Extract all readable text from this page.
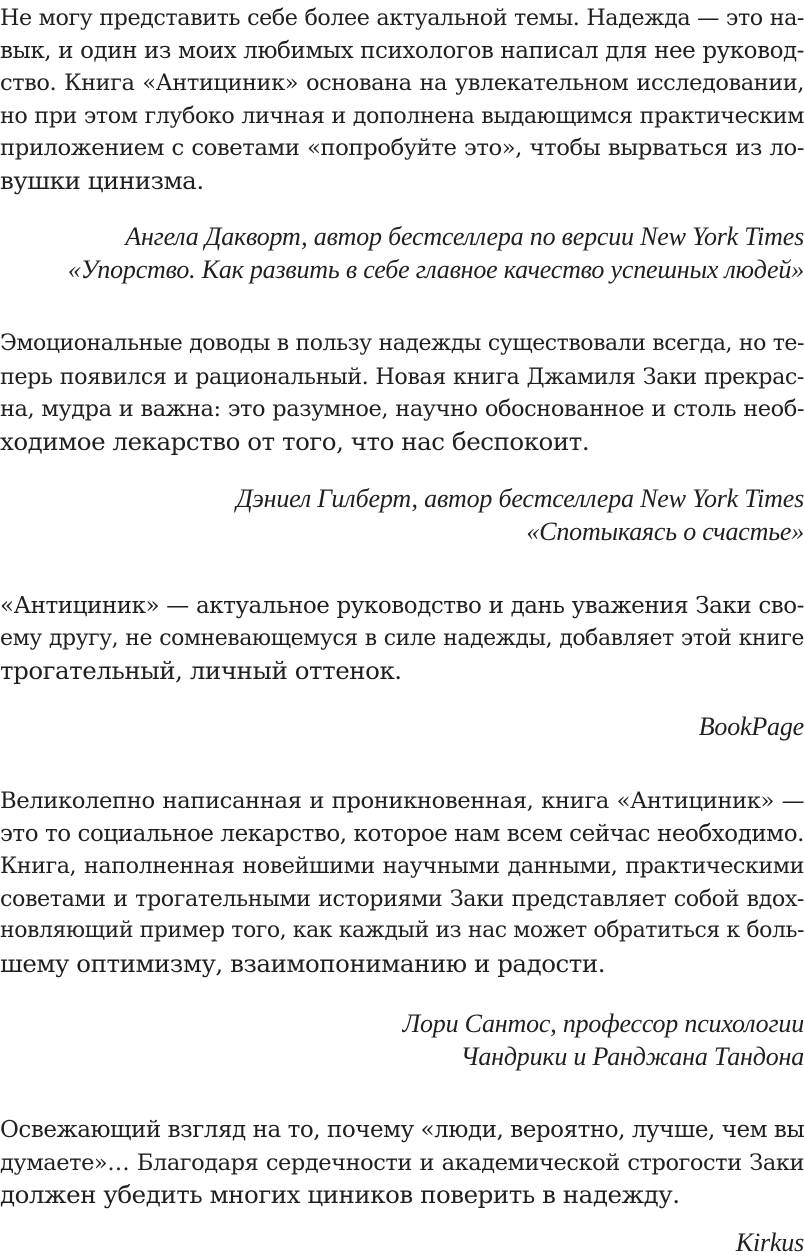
Не могу представить себе более актуальной темы. Надежда — это на-
вык, и один из моих любимых психологов написал для нее руковод-
ство. Книга «Антициник» основана на увлекательном исследовании,
но при этом глубоко личная и дополнена выдающимся практическим
приложением с советами «попробуйте это», чтобы вырваться из ло-
вушки цинизма.
Ангела Дакворт, автор бестселлера по версии New York Times
«Упорство. Как развить в себе главное качество успешных людей»
Эмоциональные доводы в пользу надежды существовали всегда, но те-
перь появился и рациональный. Новая книга Джамиля Заки прекрас-
на, мудра и важна: это разумное, научно обоснованное и столь необ-
ходимое лекарство от того, что нас беспокоит.
Дэниел Гилберт, автор бестселлера New York Times
«Спотыкаясь о счастье»
«Антициник» — актуальное руководство и дань уважения Заки сво-
ему другу, не сомневающемуся в силе надежды, добавляет этой книге
трогательный, личный оттенок.
BookPage
Великолепно написанная и проникновенная, книга «Антициник» —
это то социальное лекарство, которое нам всем сейчас необходимо.
Книга, наполненная новейшими научными данными, практическими
советами и трогательными историями Заки представляет собой вдох-
новляющий пример того, как каждый из нас может обратиться к боль-
шему оптимизму, взаимопониманию и радости.
Лори Сантос, профессор психологии
Чандрики и Ранджана Тандона
Освежающий взгляд на то, почему «люди, вероятно, лучше, чем вы
думаете»… Благодаря сердечности и академической строгости Заки
должен убедить многих циников поверить в надежду.
Kirkus
